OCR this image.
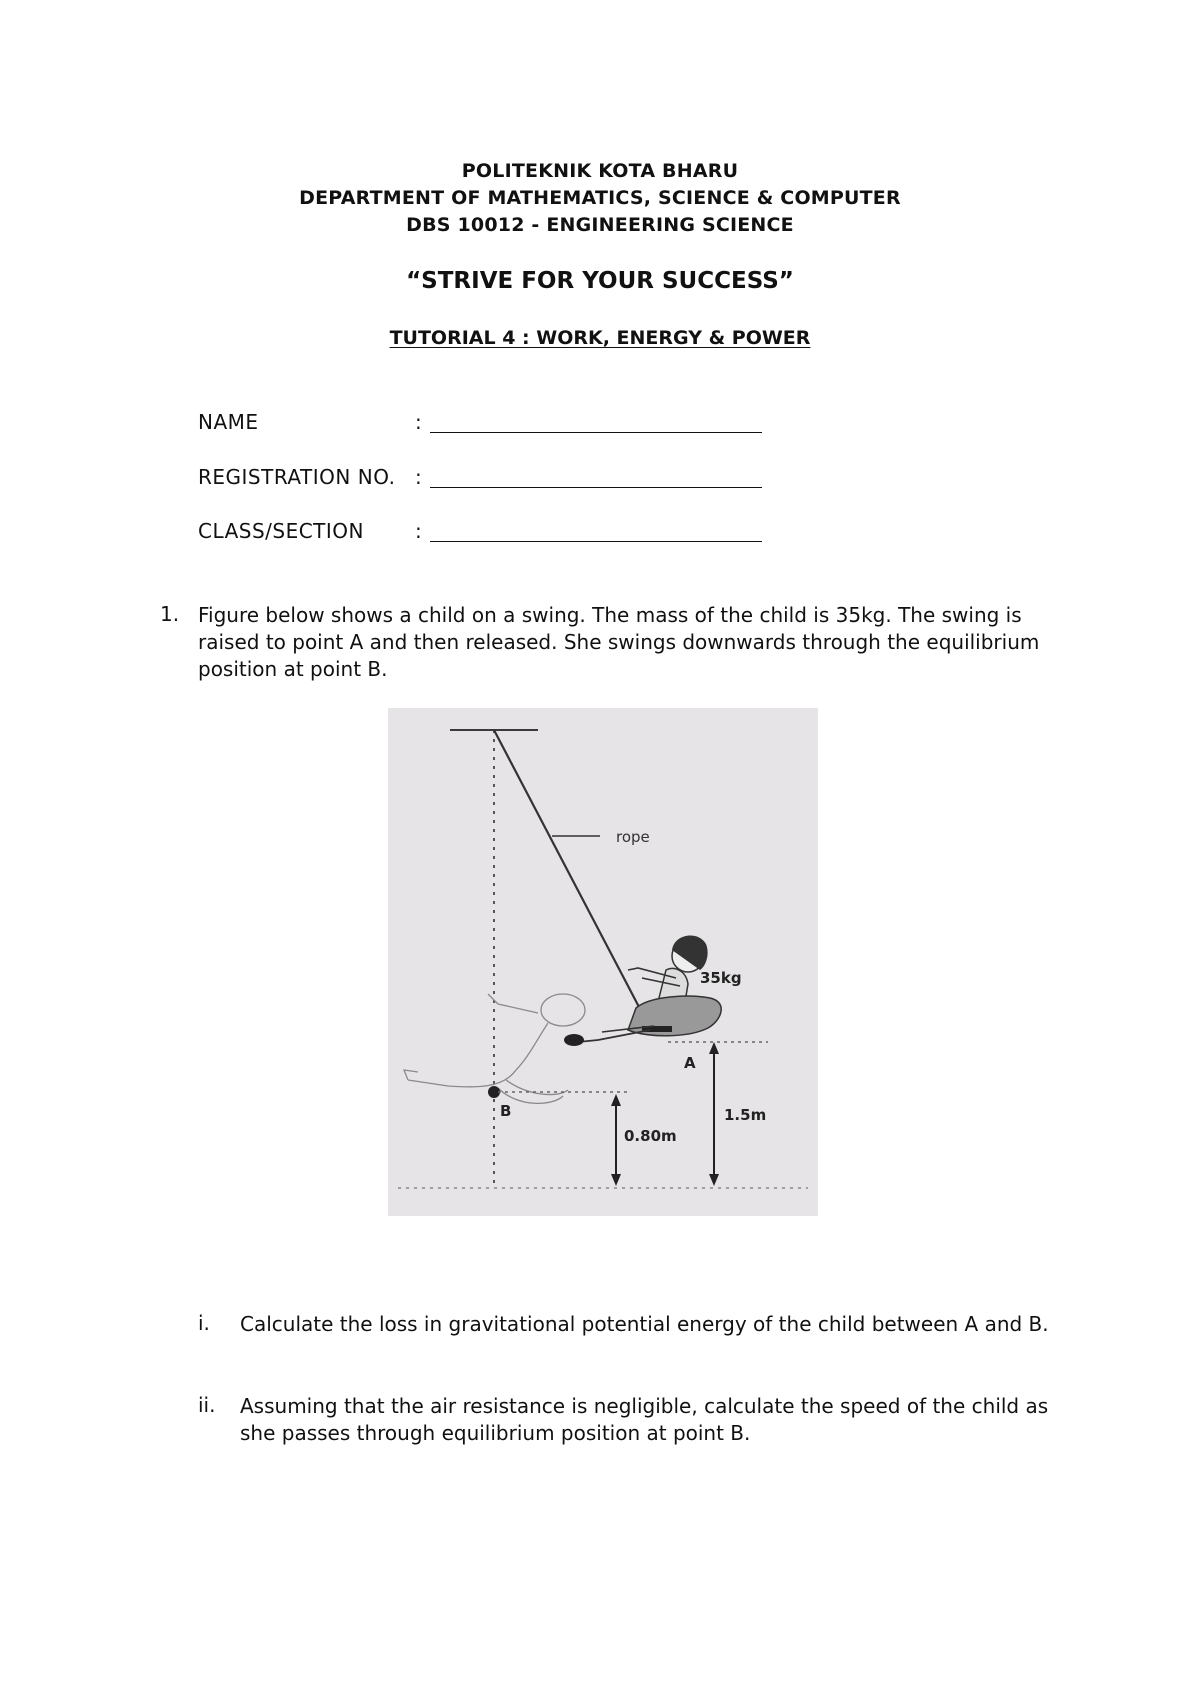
POLITEKNIK KOTA BHARU
DEPARTMENT OF MATHEMATICS, SCIENCE & COMPUTER
DBS 10012 - ENGINEERING SCIENCE
“STRIVE FOR YOUR SUCCESS”
TUTORIAL 4 : WORK, ENERGY & POWER
NAME	:
REGISTRATION NO. :
CLASS/SECTION	:
1. Figure below shows a child on a swing. The mass of the child is 35kg. The swing is raised to point A and then released. She swings downwards through the equilibrium position at point B.
rope
B
35kg
A
1.5m
0.80m
i. Calculate the loss in gravitational potential energy of the child between A and B.
ii. Assuming that the air resistance is negligible, calculate the speed of the child as she passes through equilibrium position at point B.
